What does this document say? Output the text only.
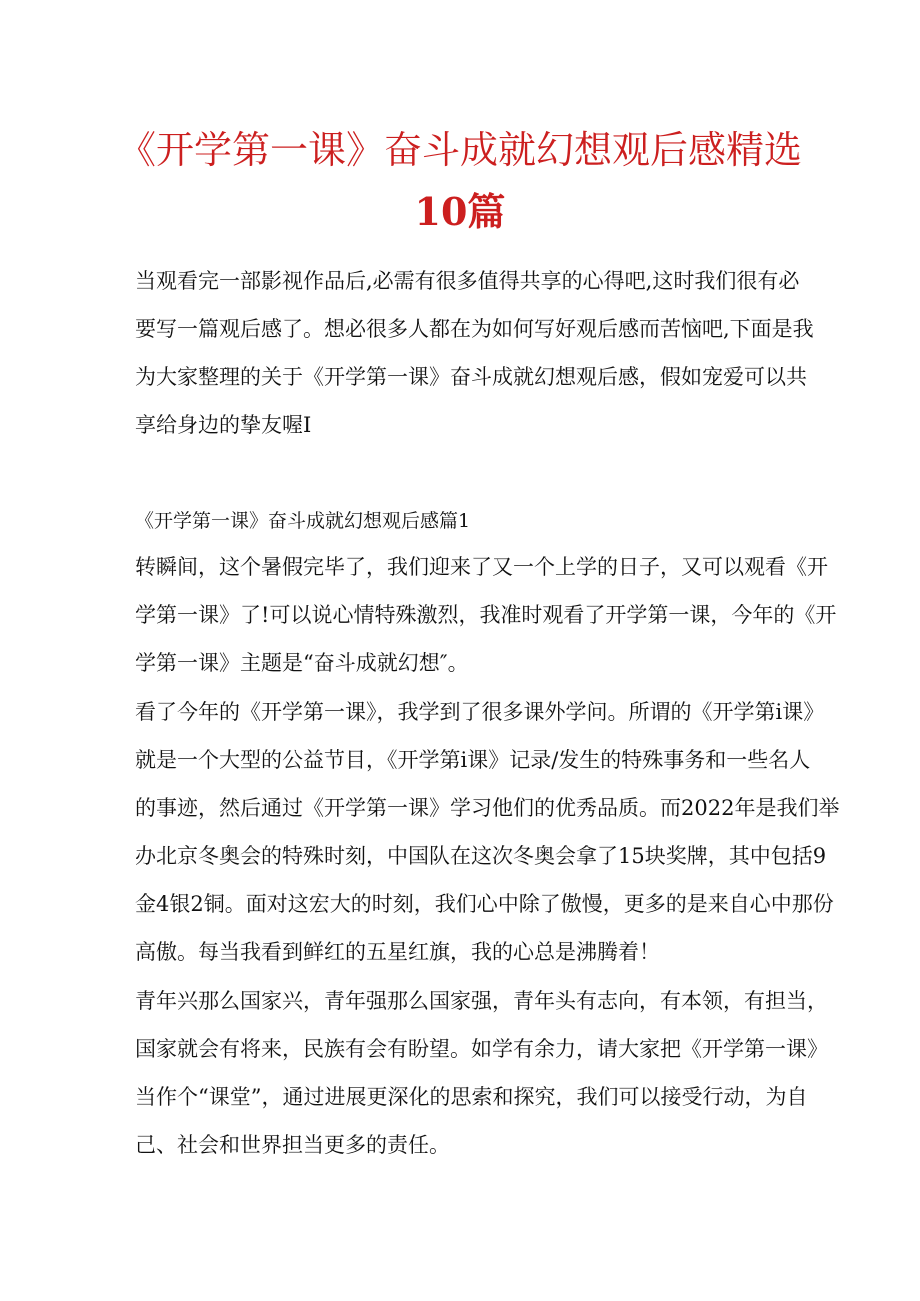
《开学第一课》奋斗成就幻想观后感精选
10篇

当观看完一部影视作品后,必需有很多值得共享的心得吧,这时我们很有必

要写一篇观后感了。想必很多人都在为如何写好观后感而苦恼吧,下面是我

为大家整理的关于《开学第一课》奋斗成就幻想观后感，假如宠爱可以共

享给身边的挚友喔I

《开学第一课》奋斗成就幻想观后感篇1

转瞬间，这个暑假完毕了，我们迎来了又一个上学的日子，又可以观看《开

学第一课》了!可以说心情特殊激烈，我准时观看了开学第一课，今年的《开

学第一课》主题是“奋斗成就幻想″。

看了今年的《开学第一课》，我学到了很多课外学问。所谓的《开学第i课》

就是一个大型的公益节目，《开学第i课》记录/发生的特殊事务和一些名人

的事迹，然后通过《开学第一课》学习他们的优秀品质。而2022年是我们举

办北京冬奥会的特殊时刻，中国队在这次冬奥会拿了15块奖牌，其中包括9

金4银2铜。面对这宏大的时刻，我们心中除了傲慢，更多的是来自心中那份

高傲。每当我看到鲜红的五星红旗，我的心总是沸腾着！

青年兴那么国家兴，青年强那么国家强，青年头有志向，有本领，有担当，

国家就会有将来，民族有会有盼望。如学有余力，请大家把《开学第一课》

当作个“课堂”，通过进展更深化的思索和探究，我们可以接受行动，为自

己、社会和世界担当更多的责任。
